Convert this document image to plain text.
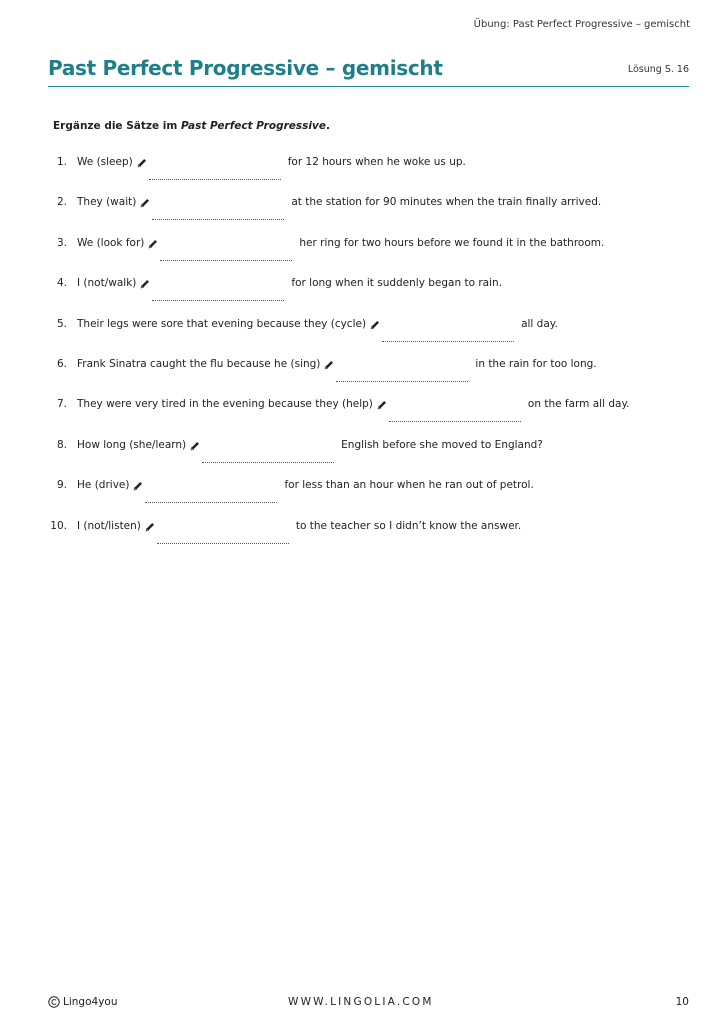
Übung: Past Perfect Progressive – gemischt
Past Perfect Progressive – gemischt	Lösung S. 16
Ergänze die Sätze im Past Perfect Progressive.
1. We (sleep)	for 12 hours when he woke us up.
2. They (wait)	at the station for 90 minutes when the train finally arrived.
3. We (look for)	her ring for two hours before we found it in the bathroom.
4. I (not/walk)	for long when it suddenly began to rain.
5. Their legs were sore that evening because they (cycle)	all day.
6. Frank Sinatra caught the flu because he (sing)	in the rain for too long.
7. They were very tired in the evening because they (help)	on the farm all day.
8. How long (she/learn)	English before she moved to England?
9. He (drive)	for less than an hour when he ran out of petrol.
10. I (not/listen)	to the teacher so I didn’t know the answer.
Lingo4you	WWW.LINGOLIA.COM	10
